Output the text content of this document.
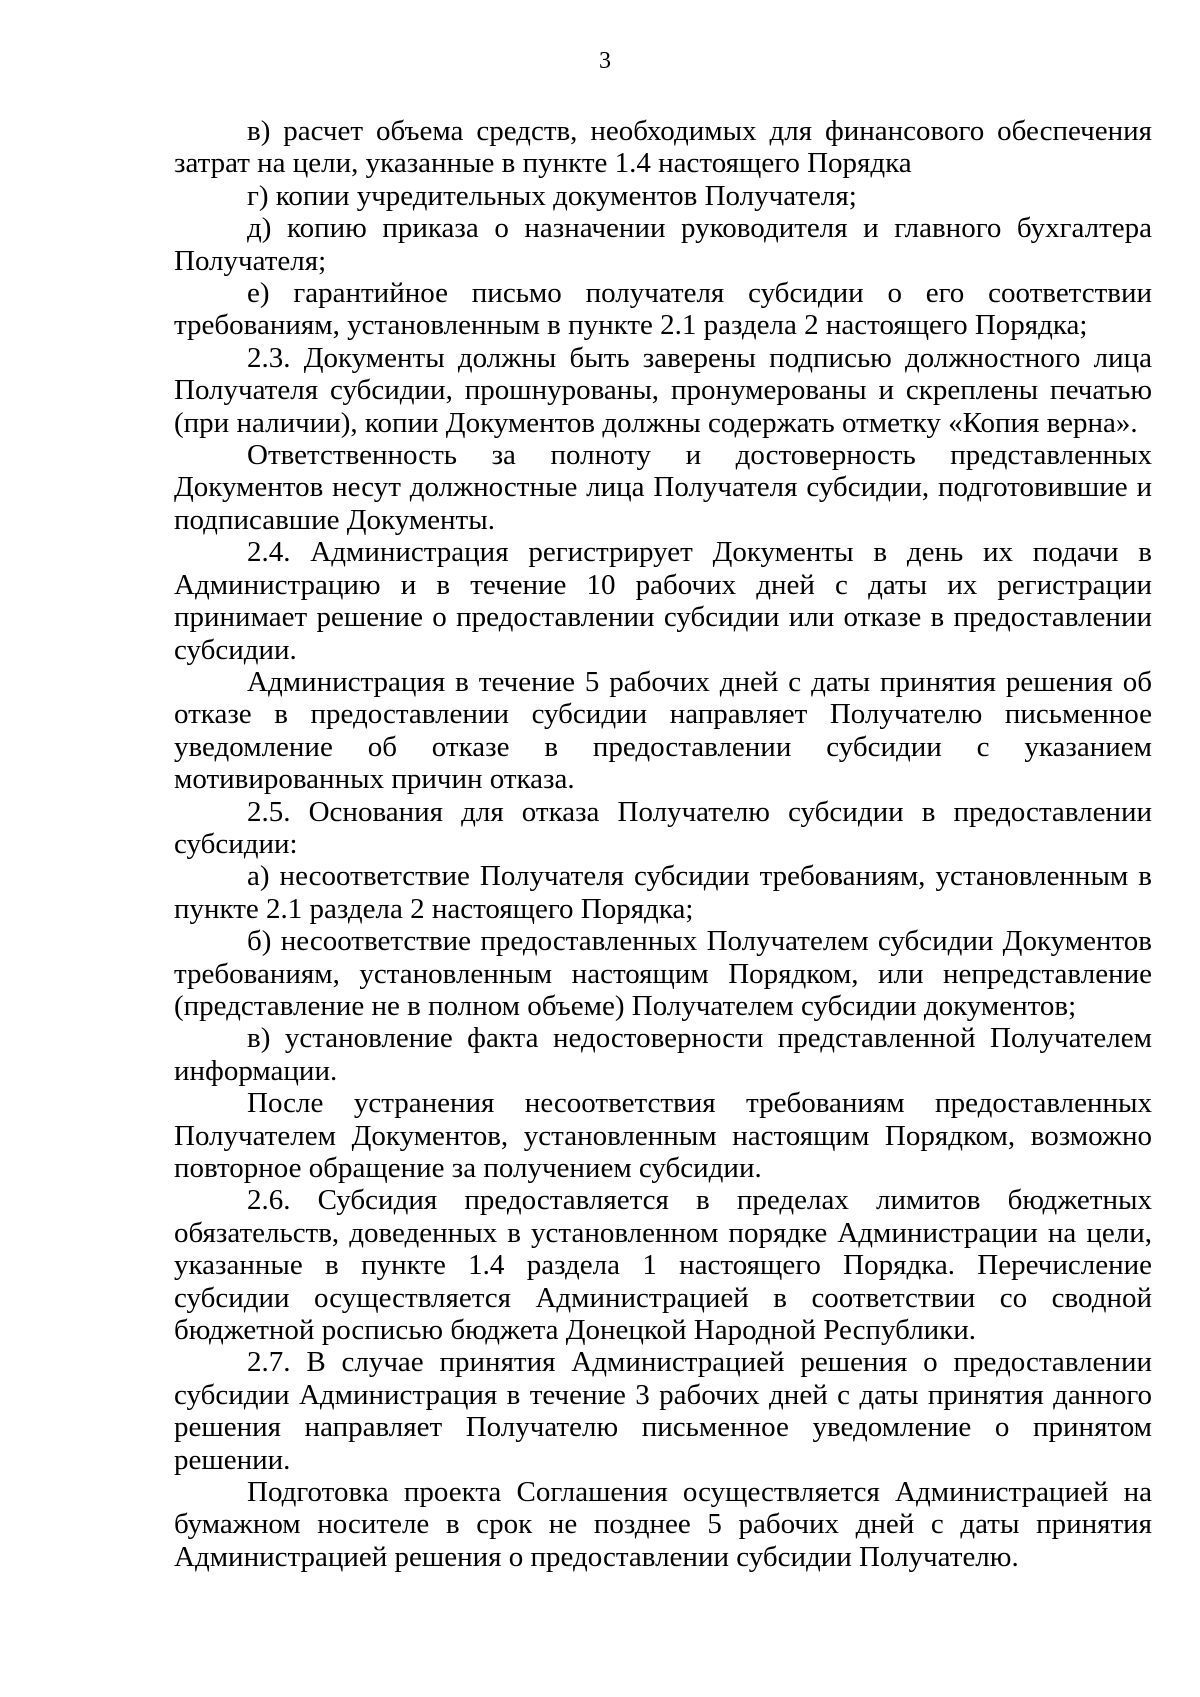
3

в) расчет объема средств, необходимых для финансового обеспечения затрат на цели, указанные в пункте 1.4 настоящего Порядка

г) копии учредительных документов Получателя;

д) копию приказа о назначении руководителя и главного бухгалтера Получателя;

е) гарантийное письмо получателя субсидии о его соответствии требованиям, установленным в пункте 2.1 раздела 2 настоящего Порядка;

2.3. Документы должны быть заверены подписью должностного лица Получателя субсидии, прошнурованы, пронумерованы и скреплены печатью (при наличии), копии Документов должны содержать отметку «Копия верна».

Ответственность за полноту и достоверность представленных Документов несут должностные лица Получателя субсидии, подготовившие и подписавшие Документы.

2.4. Администрация регистрирует Документы в день их подачи в Администрацию и в течение 10 рабочих дней с даты их регистрации принимает решение о предоставлении субсидии или отказе в предоставлении субсидии.

Администрация в течение 5 рабочих дней с даты принятия решения об отказе в предоставлении субсидии направляет Получателю письменное уведомление об отказе в предоставлении субсидии с указанием мотивированных причин отказа.

2.5. Основания для отказа Получателю субсидии в предоставлении субсидии:

а) несоответствие Получателя субсидии требованиям, установленным в пункте 2.1 раздела 2 настоящего Порядка;

б) несоответствие предоставленных Получателем субсидии Документов требованиям, установленным настоящим Порядком, или непредставление (представление не в полном объеме) Получателем субсидии документов;

в) установление факта недостоверности представленной Получателем информации.

После устранения несоответствия требованиям предоставленных Получателем Документов, установленным настоящим Порядком, возможно повторное обращение за получением субсидии.

2.6. Субсидия предоставляется в пределах лимитов бюджетных обязательств, доведенных в установленном порядке Администрации на цели, указанные в пункте 1.4 раздела 1 настоящего Порядка. Перечисление субсидии осуществляется Администрацией в соответствии со сводной бюджетной росписью бюджета Донецкой Народной Республики.

2.7. В случае принятия Администрацией решения о предоставлении субсидии Администрация в течение 3 рабочих дней с даты принятия данного решения направляет Получателю письменное уведомление о принятом решении.

Подготовка проекта Соглашения осуществляется Администрацией на бумажном носителе в срок не позднее 5 рабочих дней с даты принятия Администрацией решения о предоставлении субсидии Получателю.
